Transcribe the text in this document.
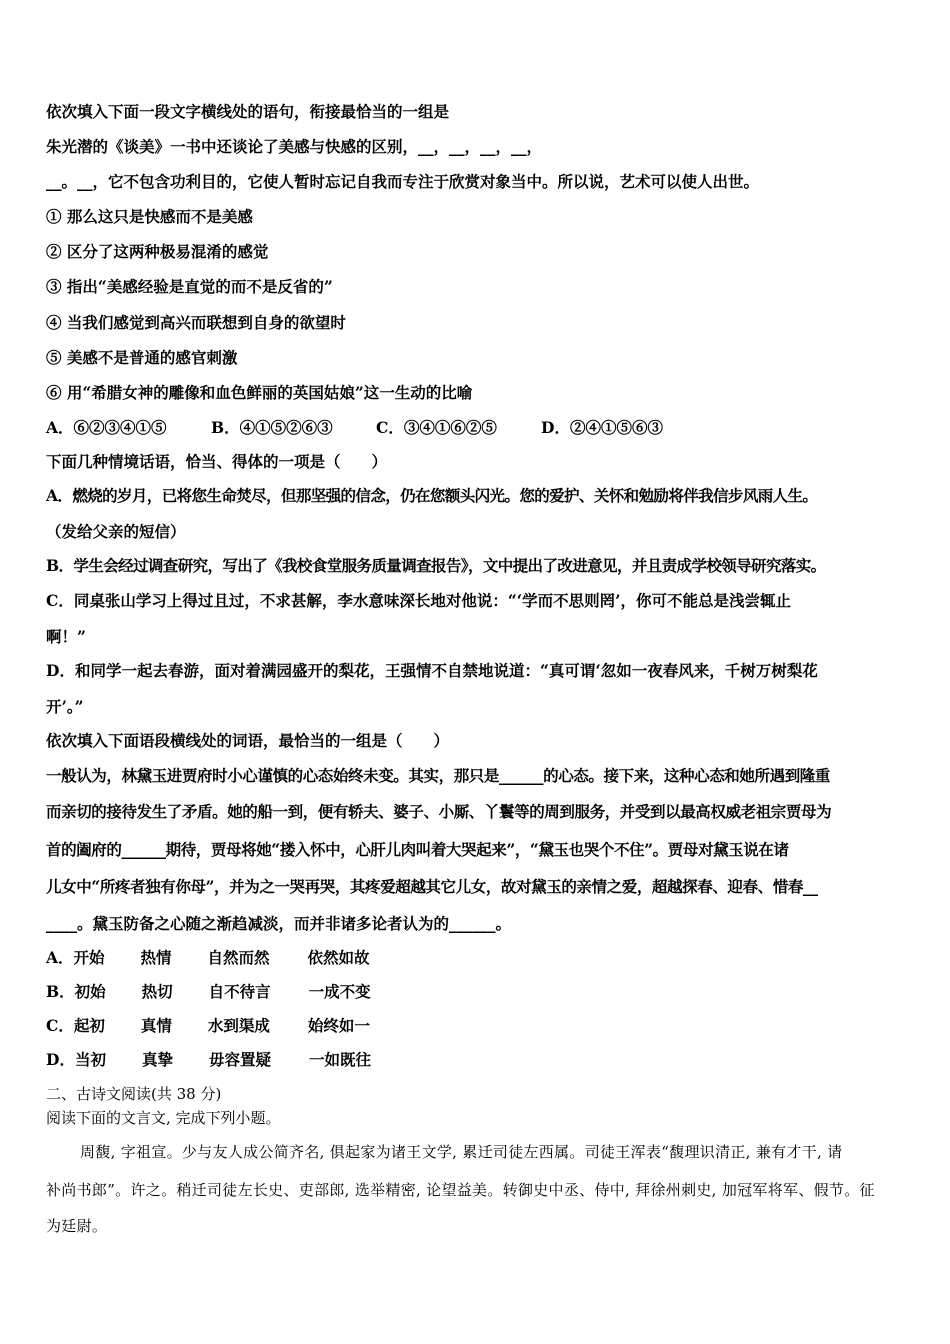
依次填入下面一段文字横线处的语句，衔接最恰当的一组是
朱光潜的《谈美》一书中还谈论了美感与快感的区别，__，__，__，__，
__。__，它不包含功利目的，它使人暂时忘记自我而专注于欣赏对象当中。所以说，艺术可以使人出世。
① 那么这只是快感而不是美感
② 区分了这两种极易混淆的感觉
③ 指出“美感经验是直觉的而不是反省的”
④ 当我们感觉到高兴而联想到自身的欲望时
⑤ 美感不是普通的感官刺激
⑥ 用“希腊女神的雕像和血色鲜丽的英国姑娘”这一生动的比喻
A．⑥②③④①⑤	B．④①⑤②⑥③	C．③④①⑥②⑤	D．②④①⑤⑥③
下面几种情境话语，恰当、得体的一项是（　　）
A．燃烧的岁月，已将您生命焚尽，但那坚强的信念，仍在您额头闪光。您的爱护、关怀和勉励将伴我信步风雨人生。
（发给父亲的短信）
B．学生会经过调查研究，写出了《我校食堂服务质量调查报告》，文中提出了改进意见，并且责成学校领导研究落实。
C．同桌张山学习上得过且过，不求甚解，李水意味深长地对他说：“‘学而不思则罔’，你可不能总是浅尝辄止
啊！”
D．和同学一起去春游，面对着满园盛开的梨花，王强情不自禁地说道：“真可谓‘忽如一夜春风来，千树万树梨花
开’。”
依次填入下面语段横线处的词语，最恰当的一组是（　　）
一般认为，林黛玉进贾府时小心谨慎的心态始终未变。其实，那只是______的心态。接下来，这种心态和她所遇到隆重
而亲切的接待发生了矛盾。她的船一到，便有轿夫、婆子、小厮、丫鬟等的周到服务，并受到以最高权威老祖宗贾母为
首的阖府的______期待，贾母将她“搂入怀中，心肝儿肉叫着大哭起来”，“黛玉也哭个不住”。贾母对黛玉说在诸
儿女中“所疼者独有你母”，并为之一哭再哭，其疼爱超越其它儿女，故对黛玉的亲情之爱，超越探春、迎春、惜春__
____。黛玉防备之心随之渐趋减淡，而并非诸多论者认为的______。
A．开始 热情 自然而然 依然如故
B．初始 热切 自不待言 一成不变
C．起初 真情 水到渠成 始终如一
D．当初 真挚 毋容置疑 一如既往
二、古诗文阅读(共 38 分)
阅读下面的文言文, 完成下列小题。
周馥, 字祖宣。少与友人成公简齐名, 俱起家为诸王文学, 累迁司徒左西属。司徒王浑表“馥理识清正, 兼有才干, 请
补尚书郎”。许之。稍迁司徒左长史、吏部郎, 选举精密, 论望益美。转御史中丞、侍中, 拜徐州刺史, 加冠军将军、假节。征
为廷尉。
